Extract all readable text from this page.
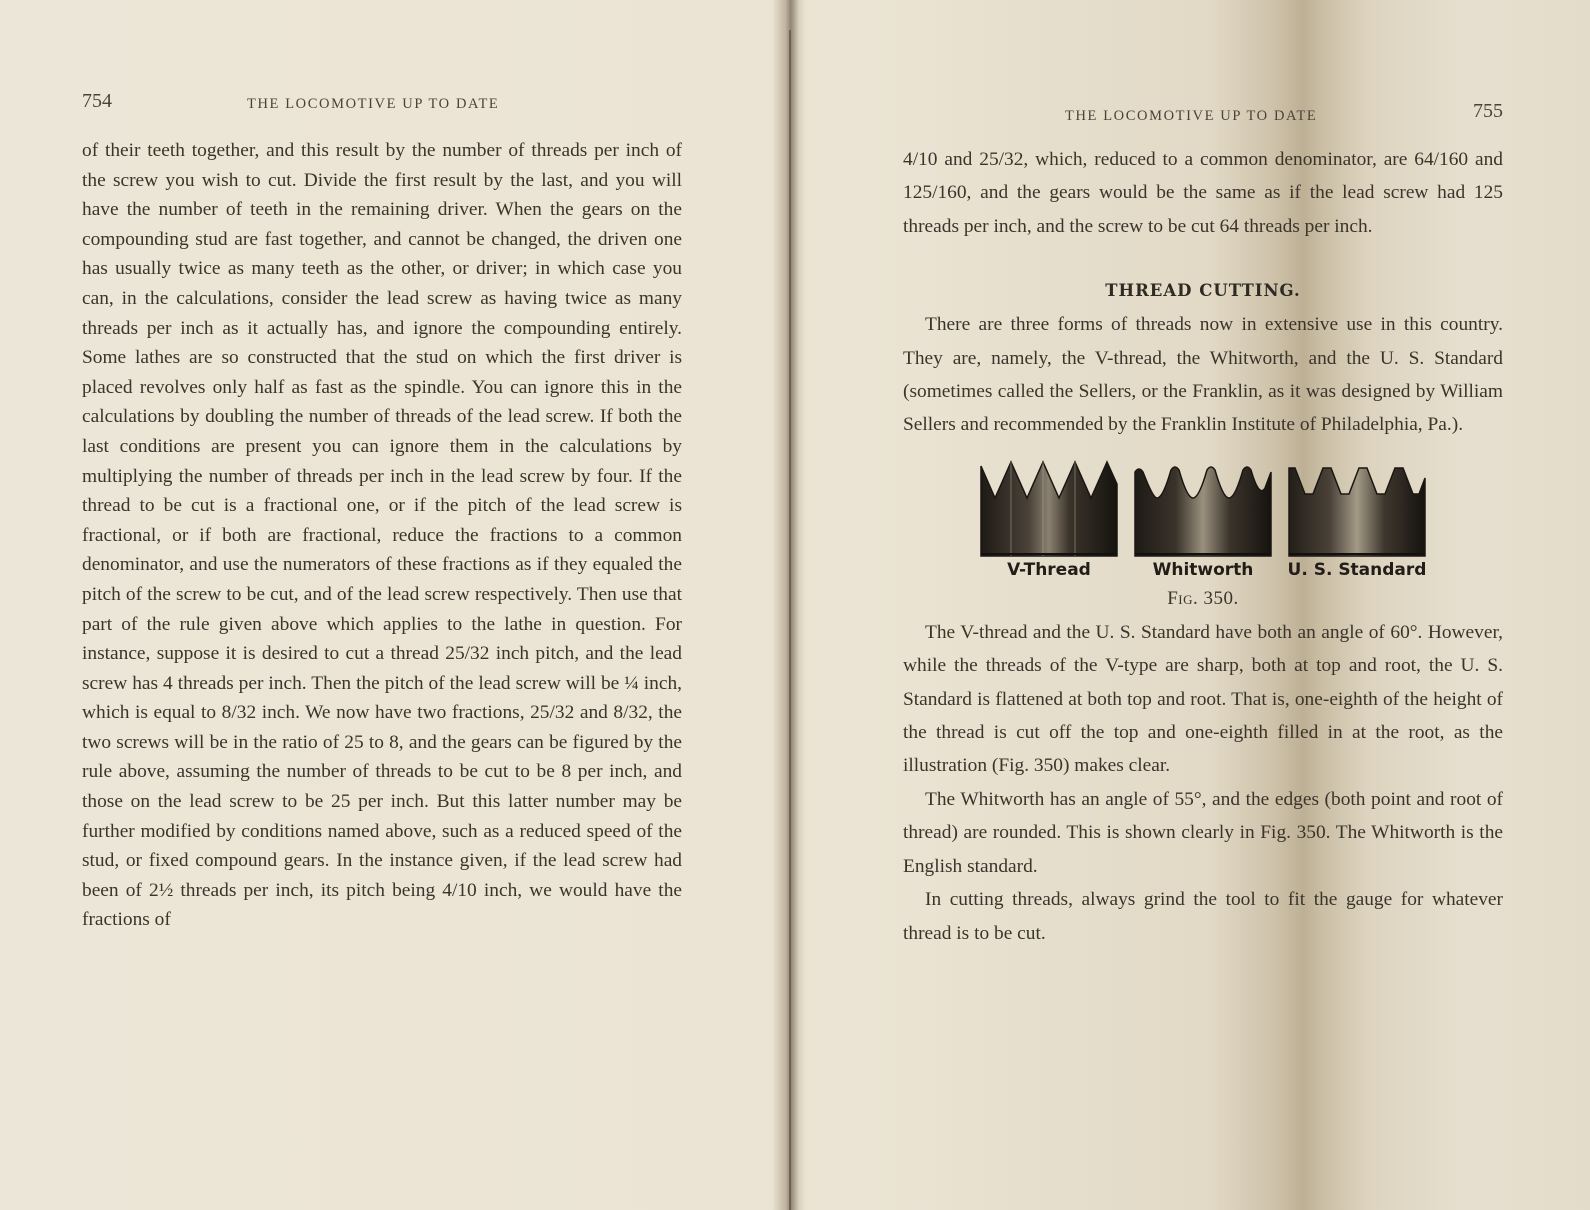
754	THE LOCOMOTIVE UP TO DATE

of their teeth together, and this result by the number of threads per inch of the screw you wish to cut. Divide the first result by the last, and you will have the number of teeth in the remaining driver. When the gears on the compounding stud are fast together, and cannot be changed, the driven one has usually twice as many teeth as the other, or driver; in which case you can, in the calculations, consider the lead screw as having twice as many threads per inch as it actually has, and ignore the compounding entirely. Some lathes are so constructed that the stud on which the first driver is placed revolves only half as fast as the spindle. You can ignore this in the calculations by doubling the number of threads of the lead screw. If both the last conditions are present you can ignore them in the calculations by multiplying the number of threads per inch in the lead screw by four. If the thread to be cut is a fractional one, or if the pitch of the lead screw is fractional, or if both are fractional, reduce the fractions to a common denominator, and use the numerators of these fractions as if they equaled the pitch of the screw to be cut, and of the lead screw respectively. Then use that part of the rule given above which applies to the lathe in question. For instance, suppose it is desired to cut a thread 25/32 inch pitch, and the lead screw has 4 threads per inch. Then the pitch of the lead screw will be ¼ inch, which is equal to 8/32 inch. We now have two fractions, 25/32 and 8/32, the two screws will be in the ratio of 25 to 8, and the gears can be figured by the rule above, assuming the number of threads to be cut to be 8 per inch, and those on the lead screw to be 25 per inch. But this latter number may be further modified by conditions named above, such as a reduced speed of the stud, or fixed compound gears. In the instance given, if the lead screw had been of 2½ threads per inch, its pitch being 4/10 inch, we would have the fractions of

THE LOCOMOTIVE UP TO DATE	755

4/10 and 25/32, which, reduced to a common denominator, are 64/160 and 125/160, and the gears would be the same as if the lead screw had 125 threads per inch, and the screw to be cut 64 threads per inch.

THREAD CUTTING.

There are three forms of threads now in extensive use in this country. They are, namely, the V-thread, the Whitworth, and the U. S. Standard (sometimes called the Sellers, or the Franklin, as it was designed by William Sellers and recommended by the Franklin Institute of Philadelphia, Pa.).

V-Thread	Whitworth U. S. Standard
Fig. 350.

The V-thread and the U. S. Standard have both an angle of 60°. However, while the threads of the V-type are sharp, both at top and root, the U. S. Standard is flattened at both top and root. That is, one-eighth of the height of the thread is cut off the top and one-eighth filled in at the root, as the illustration (Fig. 350) makes clear.

The Whitworth has an angle of 55°, and the edges (both point and root of thread) are rounded. This is shown clearly in Fig. 350. The Whitworth is the English standard.

In cutting threads, always grind the tool to fit the gauge for whatever thread is to be cut.
